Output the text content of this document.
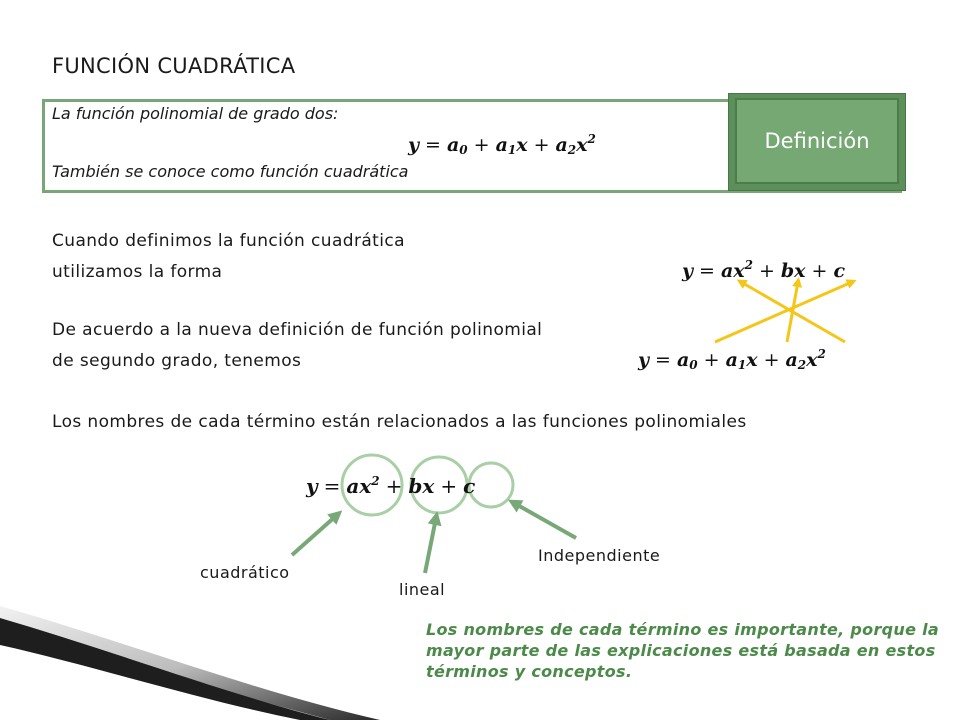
FUNCIÓN CUADRÁTICA
La función polinomial de grado dos:
$y = a_0 + a_1x + a_2x^2$
También se conoce como función cuadrática
Definición
Cuando definimos la función cuadrática
utilizamos la forma	$y = ax^2$ + bx + c
De acuerdo a la nueva definición de función polinomial
de segundo grado, tenemos	$y = a_0 + a_1x + a_2x^2$
Los nombres de cada término están relacionados a las funciones polinomiales
$y = ax^2$ + bx + c
cuadrático
lineal
Independiente
Los nombres de cada término es importante, porque la mayor parte de las explicaciones está basada en estos términos y conceptos.
